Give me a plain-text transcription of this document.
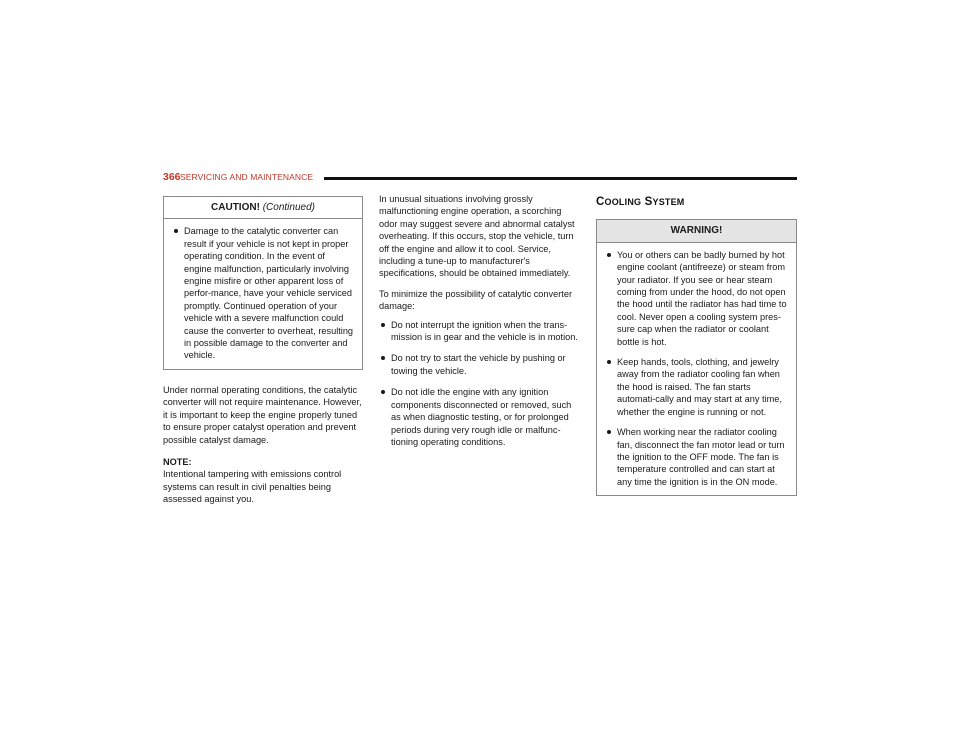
366 SERVICING AND MAINTENANCE
CAUTION! (Continued)
Damage to the catalytic converter can result if your vehicle is not kept in proper operating condition. In the event of engine malfunction, particularly involving engine misfire or other apparent loss of perfor-mance, have your vehicle serviced promptly. Continued operation of your vehicle with a severe malfunction could cause the converter to overheat, resulting in possible damage to the converter and vehicle.

Under normal operating conditions, the catalytic converter will not require maintenance. However, it is important to keep the engine properly tuned to ensure proper catalyst operation and prevent possible catalyst damage.

NOTE:

Intentional tampering with emissions control systems can result in civil penalties being assessed against you.

In unusual situations involving grossly malfunctioning engine operation, a scorching odor may suggest severe and abnormal catalyst overheating. If this occurs, stop the vehicle, turn off the engine and allow it to cool. Service, including a tune-up to manufacturer's specifications, should be obtained immediately.

To minimize the possibility of catalytic converter damage:

Do not interrupt the ignition when the trans-mission is in gear and the vehicle is in motion.
Do not try to start the vehicle by pushing or towing the vehicle.
Do not idle the engine with any ignition components disconnected or removed, such as when diagnostic testing, or for prolonged periods during very rough idle or malfunc-tioning operating conditions.
COOLING SYSTEM
WARNING!
You or others can be badly burned by hot engine coolant (antifreeze) or steam from your radiator. If you see or hear steam coming from under the hood, do not open the hood until the radiator has had time to cool. Never open a cooling system pres-sure cap when the radiator or coolant bottle is hot.
Keep hands, tools, clothing, and jewelry away from the radiator cooling fan when the hood is raised. The fan starts automati-cally and may start at any time, whether the engine is running or not.
When working near the radiator cooling fan, disconnect the fan motor lead or turn the ignition to the OFF mode. The fan is temperature controlled and can start at any time the ignition is in the ON mode.
